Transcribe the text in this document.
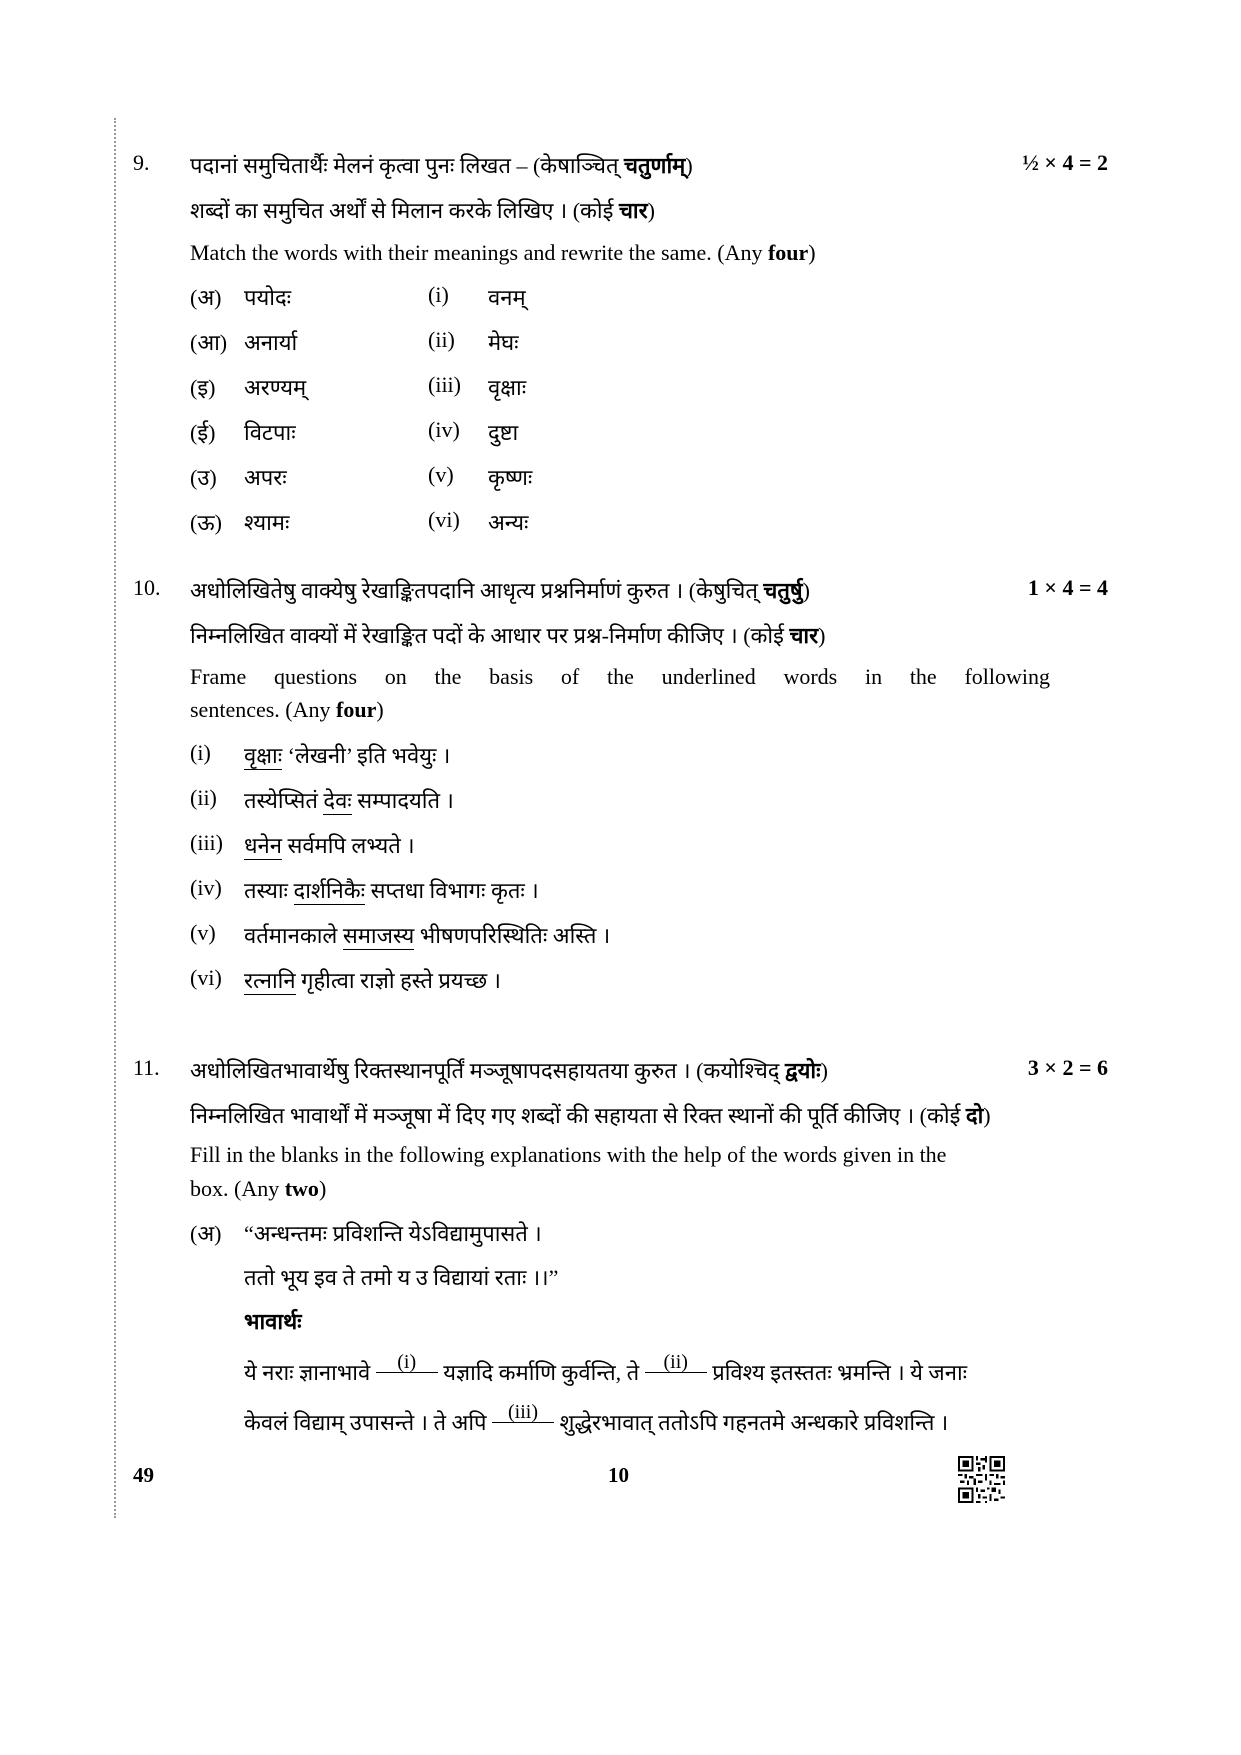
9. पदानां समुचितार्थैः मेलनं कृत्वा पुनः लिखत – (केषाञ्चित् चतुर्णाम्)	½ × 4 = 2
शब्दों का समुचित अर्थों से मिलान करके लिखिए । (कोई चार)
Match the words with their meanings and rewrite the same. (Any four)
(अ) पयोदः	(i) वनम्
(आ) अनार्या	(ii) मेघः
(इ) अरण्यम्	(iii) वृक्षाः
(ई) विटपाः	(iv) दुष्टा
(उ) अपरः	(v) कृष्णः
(ऊ) श्यामः	(vi) अन्यः
10. अधोलिखितेषु वाक्येषु रेखाङ्कितपदानि आधृत्य प्रश्ननिर्माणं कुरुत । (केषुचित् चतुर्षु)	1 × 4 = 4
निम्नलिखित वाक्यों में रेखाङ्कित पदों के आधार पर प्रश्न-निर्माण कीजिए । (कोई चार)
Frame questions on the basis of the underlined words in the following
sentences. (Any four)
(i) वृक्षाः ‘लेखनी’ इति भवेयुः ।
(ii) तस्येप्सितं देवः सम्पादयति ।
(iii) धनेन सर्वमपि लभ्यते ।
(iv) तस्याः दार्शनिकैः सप्तधा विभागः कृतः ।
(v) वर्तमानकाले समाजस्य भीषणपरिस्थितिः अस्ति ।
(vi) रत्नानि गृहीत्वा राज्ञो हस्ते प्रयच्छ ।
11. अधोलिखितभावार्थेषु रिक्तस्थानपूर्तिं मञ्जूषापदसहायतया कुरुत । (कयोश्चिद् द्वयोः)	3 × 2 = 6
निम्नलिखित भावार्थों में मञ्जूषा में दिए गए शब्दों की सहायता से रिक्त स्थानों की पूर्ति कीजिए । (कोई दो)
Fill in the blanks in the following explanations with the help of the words given in the
box. (Any two)
(अ) “अन्धन्तमः प्रविशन्ति येऽविद्यामुपासते ।
ततो भूय इव ते तमो य उ विद्यायां रताः ।।”
भावार्थः
ये नराः ज्ञानाभावे (i) यज्ञादि कर्माणि कुर्वन्ति, ते (ii) प्रविश्य इतस्ततः भ्रमन्ति । ये जनाः
केवलं विद्याम् उपासन्ते । ते अपि (iii) शुद्धेरभावात् ततोऽपि गहनतमे अन्धकारे प्रविशन्ति ।
49	10
